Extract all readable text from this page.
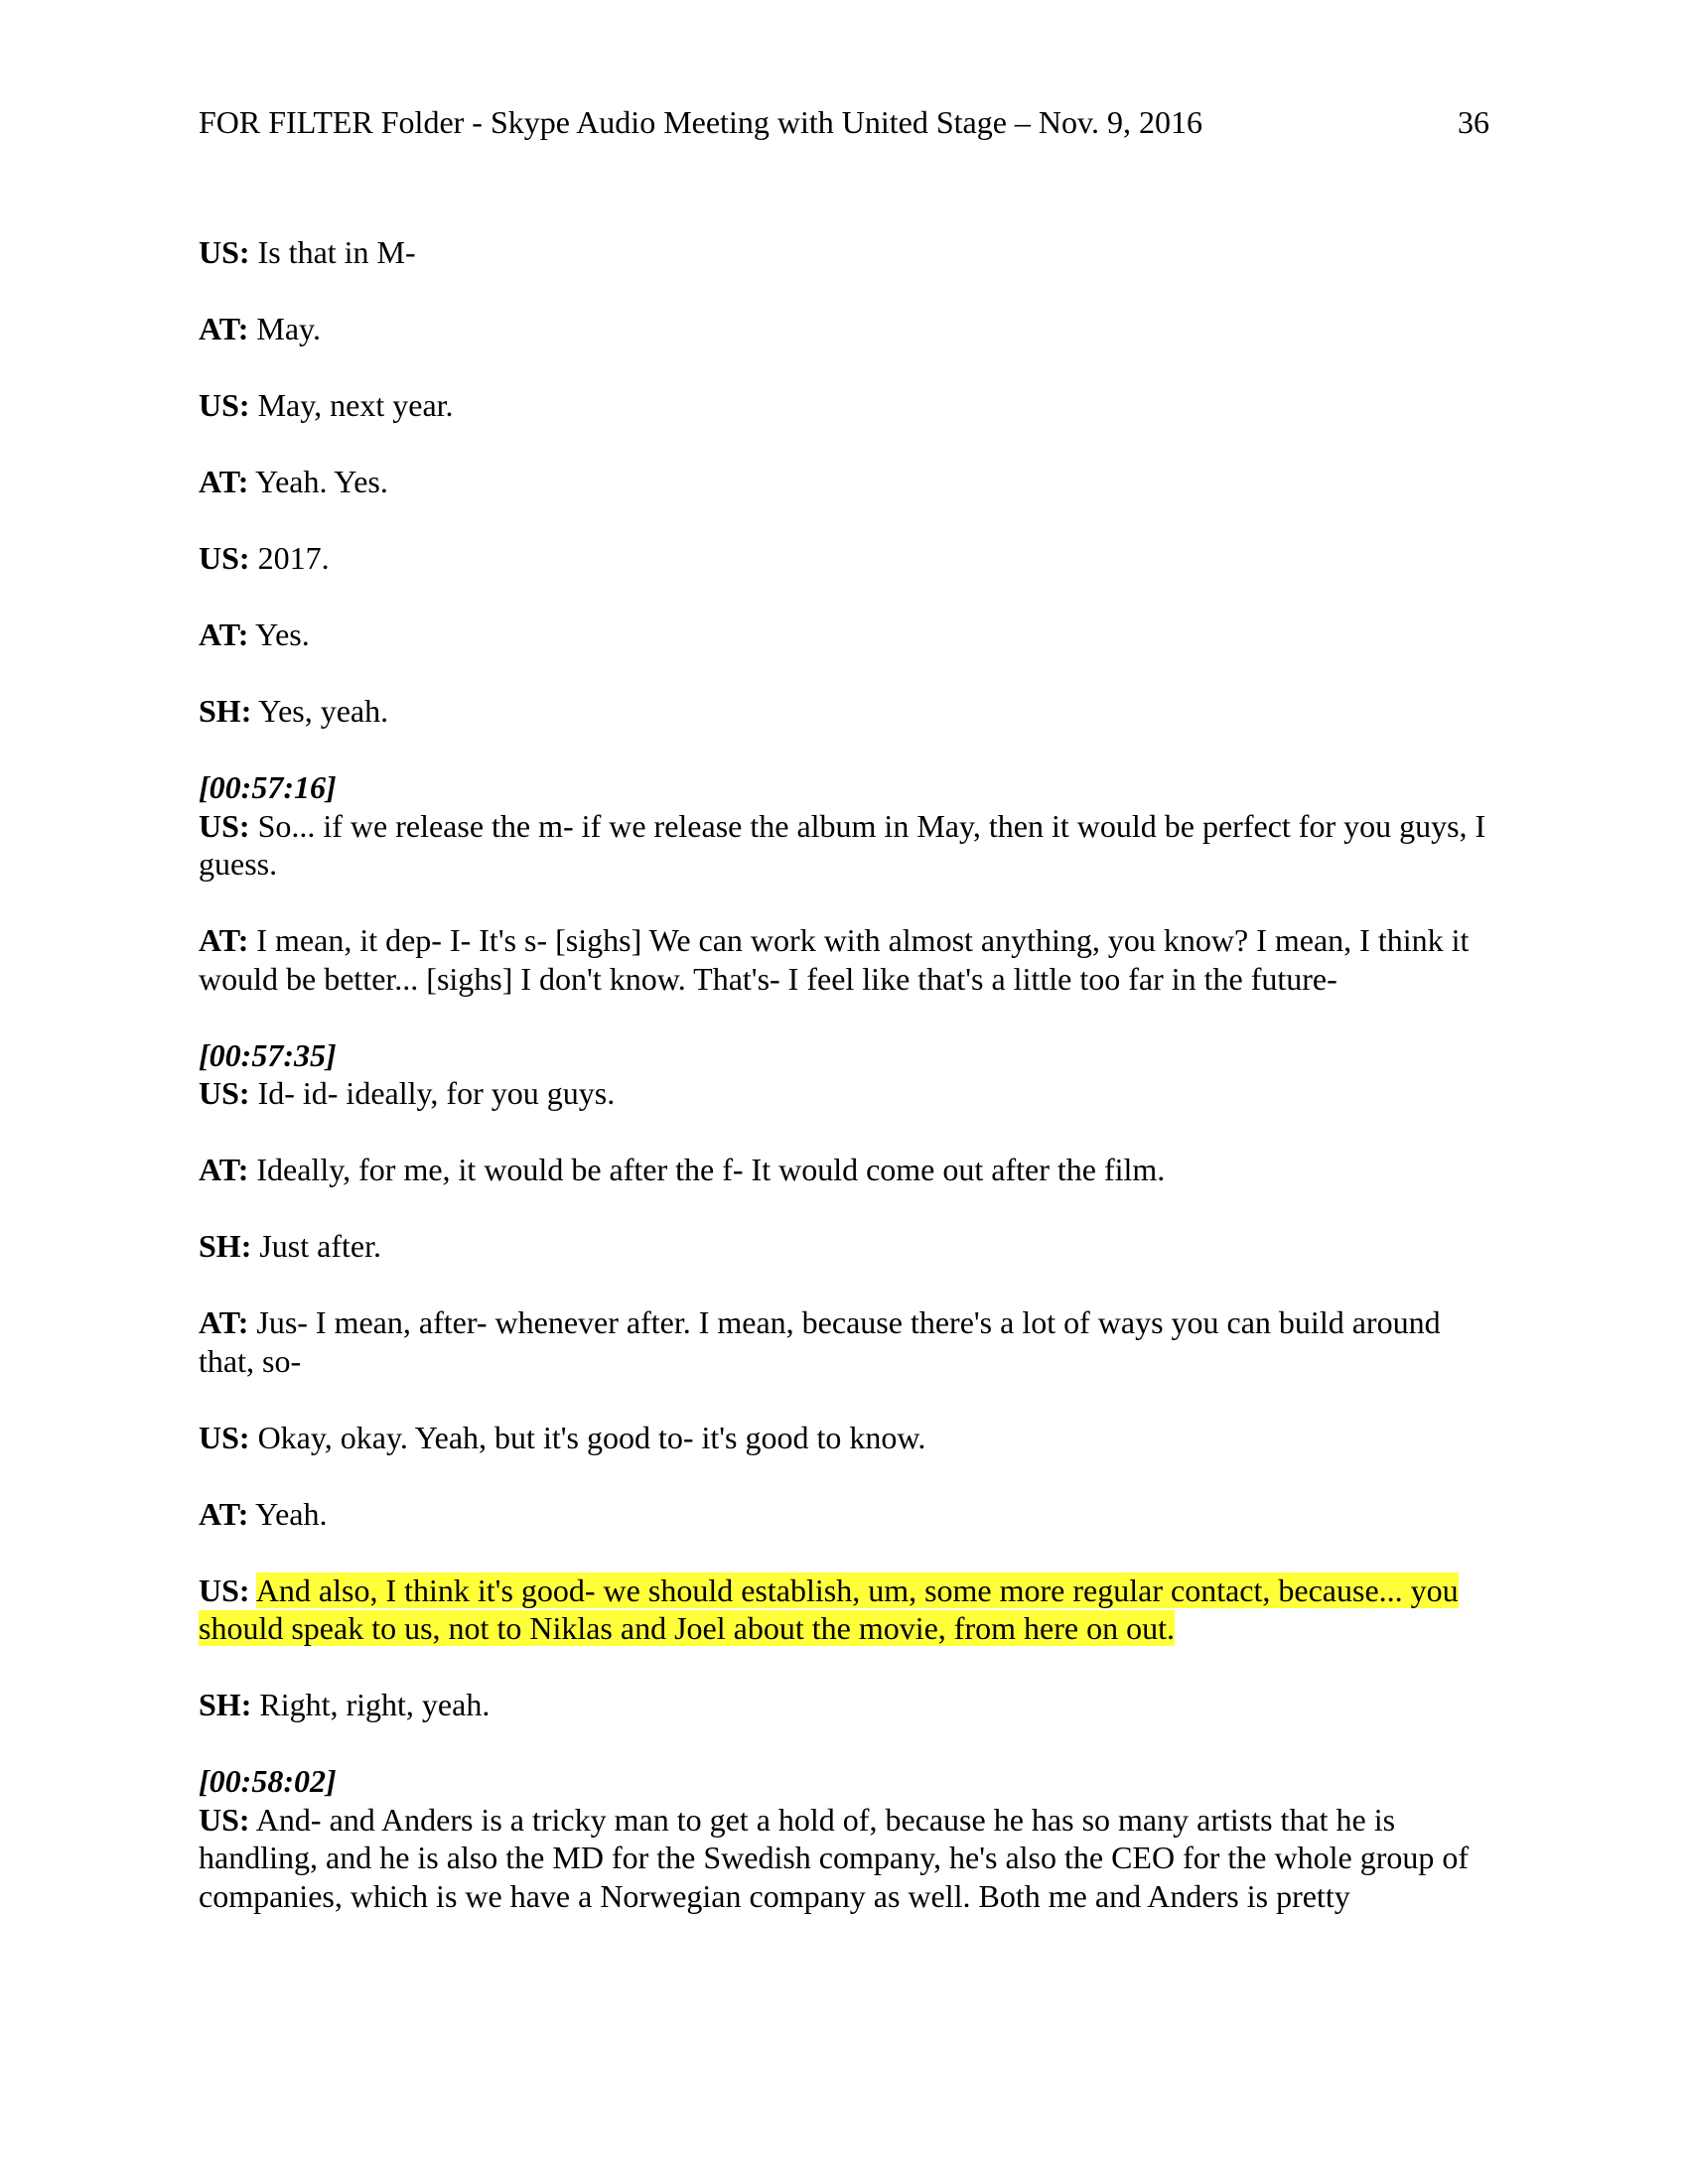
FOR FILTER Folder - Skype Audio Meeting with United Stage – Nov. 9, 2016	36
US: Is that in M-
AT: May.
US: May, next year.
AT: Yeah. Yes.
US: 2017.
AT: Yes.
SH: Yes, yeah.
[00:57:16]
US: So... if we release the m- if we release the album in May, then it would be perfect for you guys, I guess.
AT: I mean, it dep- I- It's s- [sighs] We can work with almost anything, you know? I mean, I think it would be better... [sighs] I don't know. That's- I feel like that's a little too far in the future-
[00:57:35]
US: Id- id- ideally, for you guys.
AT: Ideally, for me, it would be after the f- It would come out after the film.
SH: Just after.
AT: Jus- I mean, after- whenever after. I mean, because there's a lot of ways you can build around that, so-
US: Okay, okay. Yeah, but it's good to- it's good to know.
AT: Yeah.
US: And also, I think it's good- we should establish, um, some more regular contact, because... you should speak to us, not to Niklas and Joel about the movie, from here on out.
SH: Right, right, yeah.
[00:58:02]
US: And- and Anders is a tricky man to get a hold of, because he has so many artists that he is handling, and he is also the MD for the Swedish company, he's also the CEO for the whole group of companies, which is we have a Norwegian company as well. Both me and Anders is pretty
